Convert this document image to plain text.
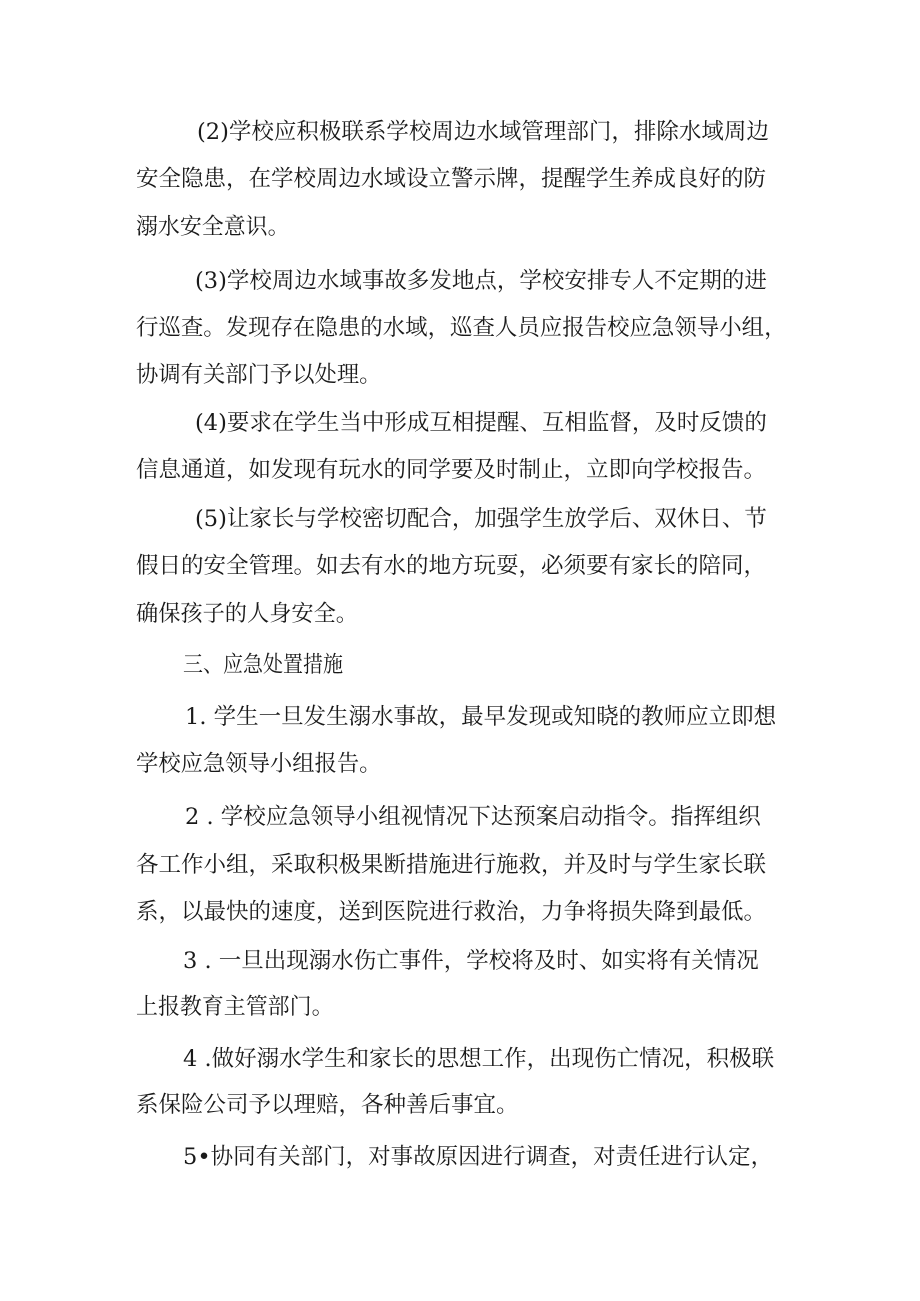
(2)学校应积极联系学校周边水域管理部门，排除水域周边
安全隐患，在学校周边水域设立警示牌，提醒学生养成良好的防
溺水安全意识。
(3)学校周边水域事故多发地点，学校安排专人不定期的进
行巡查。发现存在隐患的水域，巡查人员应报告校应急领导小组，
协调有关部门予以处理。
(4)要求在学生当中形成互相提醒、互相监督，及时反馈的
信息通道，如发现有玩水的同学要及时制止，立即向学校报告。
(5)让家长与学校密切配合，加强学生放学后、双休日、节
假日的安全管理。如去有水的地方玩耍，必须要有家长的陪同，
确保孩子的人身安全。
三、应急处置措施
1. 学生一旦发生溺水事故，最早发现或知晓的教师应立即想
学校应急领导小组报告。
2 . 学校应急领导小组视情况下达预案启动指令。指挥组织
各工作小组，采取积极果断措施进行施救，并及时与学生家长联
系，以最快的速度，送到医院进行救治，力争将损失降到最低。
3 . 一旦出现溺水伤亡事件，学校将及时、如实将有关情况
上报教育主管部门。
4 .做好溺水学生和家长的思想工作，出现伤亡情况，积极联
系保险公司予以理赔，各种善后事宜。
5•协同有关部门，对事故原因进行调查，对责任进行认定，
